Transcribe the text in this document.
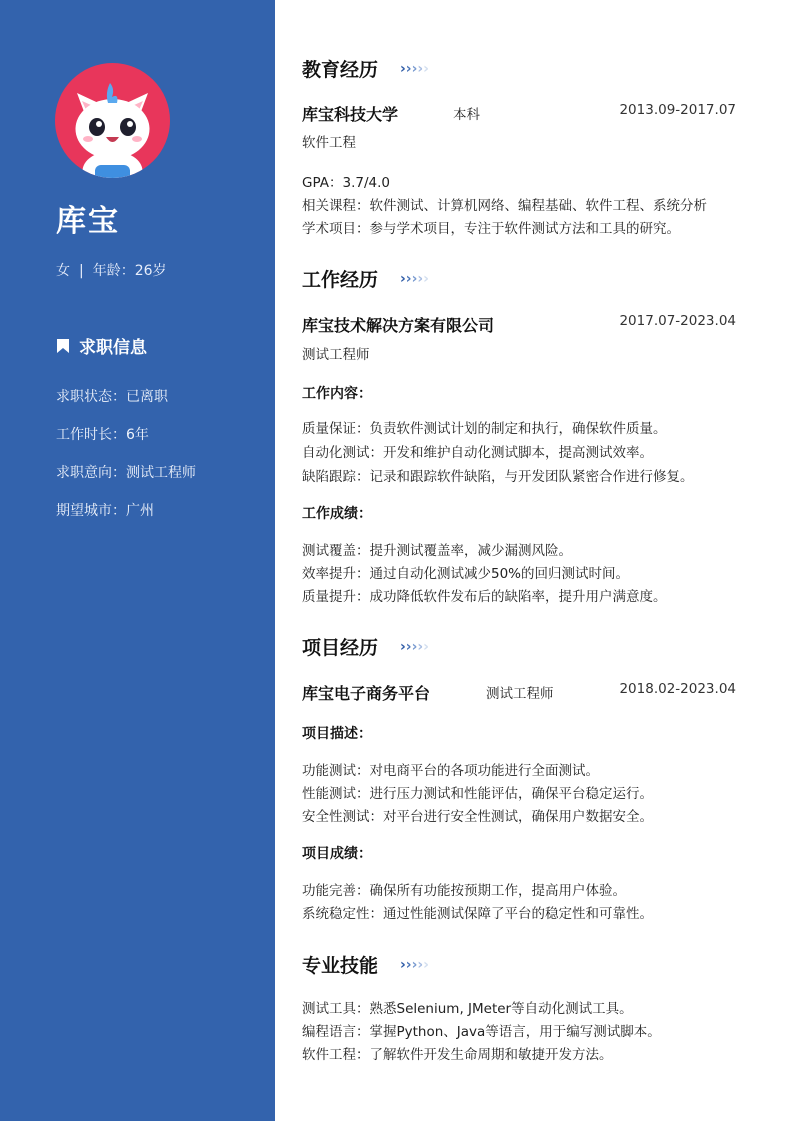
库宝
女 | 年龄：26岁
求职信息
求职状态：已离职
工作时长：6年
求职意向：测试工程师
期望城市：广州
教育经历 › › › › ›
库宝科技大学	本科	2013.09-2017.07
软件工程
GPA：3.7/4.0
相关课程：软件测试、计算机网络、编程基础、软件工程、系统分析
学术项目：参与学术项目，专注于软件测试方法和工具的研究。
工作经历 › › › › ›
库宝技术解决方案有限公司	2017.07-2023.04
测试工程师
工作内容：
质量保证：负责软件测试计划的制定和执行，确保软件质量。
自动化测试：开发和维护自动化测试脚本，提高测试效率。
缺陷跟踪：记录和跟踪软件缺陷，与开发团队紧密合作进行修复。
工作成绩：
测试覆盖：提升测试覆盖率，减少漏测风险。
效率提升：通过自动化测试减少50%的回归测试时间。
质量提升：成功降低软件发布后的缺陷率，提升用户满意度。
项目经历 › › › › ›
库宝电子商务平台	测试工程师	2018.02-2023.04
项目描述：
功能测试：对电商平台的各项功能进行全面测试。
性能测试：进行压力测试和性能评估，确保平台稳定运行。
安全性测试：对平台进行安全性测试，确保用户数据安全。
项目成绩：
功能完善：确保所有功能按预期工作，提高用户体验。
系统稳定性：通过性能测试保障了平台的稳定性和可靠性。
专业技能 › › › › ›
测试工具：熟悉Selenium, JMeter等自动化测试工具。
编程语言：掌握Python、Java等语言，用于编写测试脚本。
软件工程：了解软件开发生命周期和敏捷开发方法。
